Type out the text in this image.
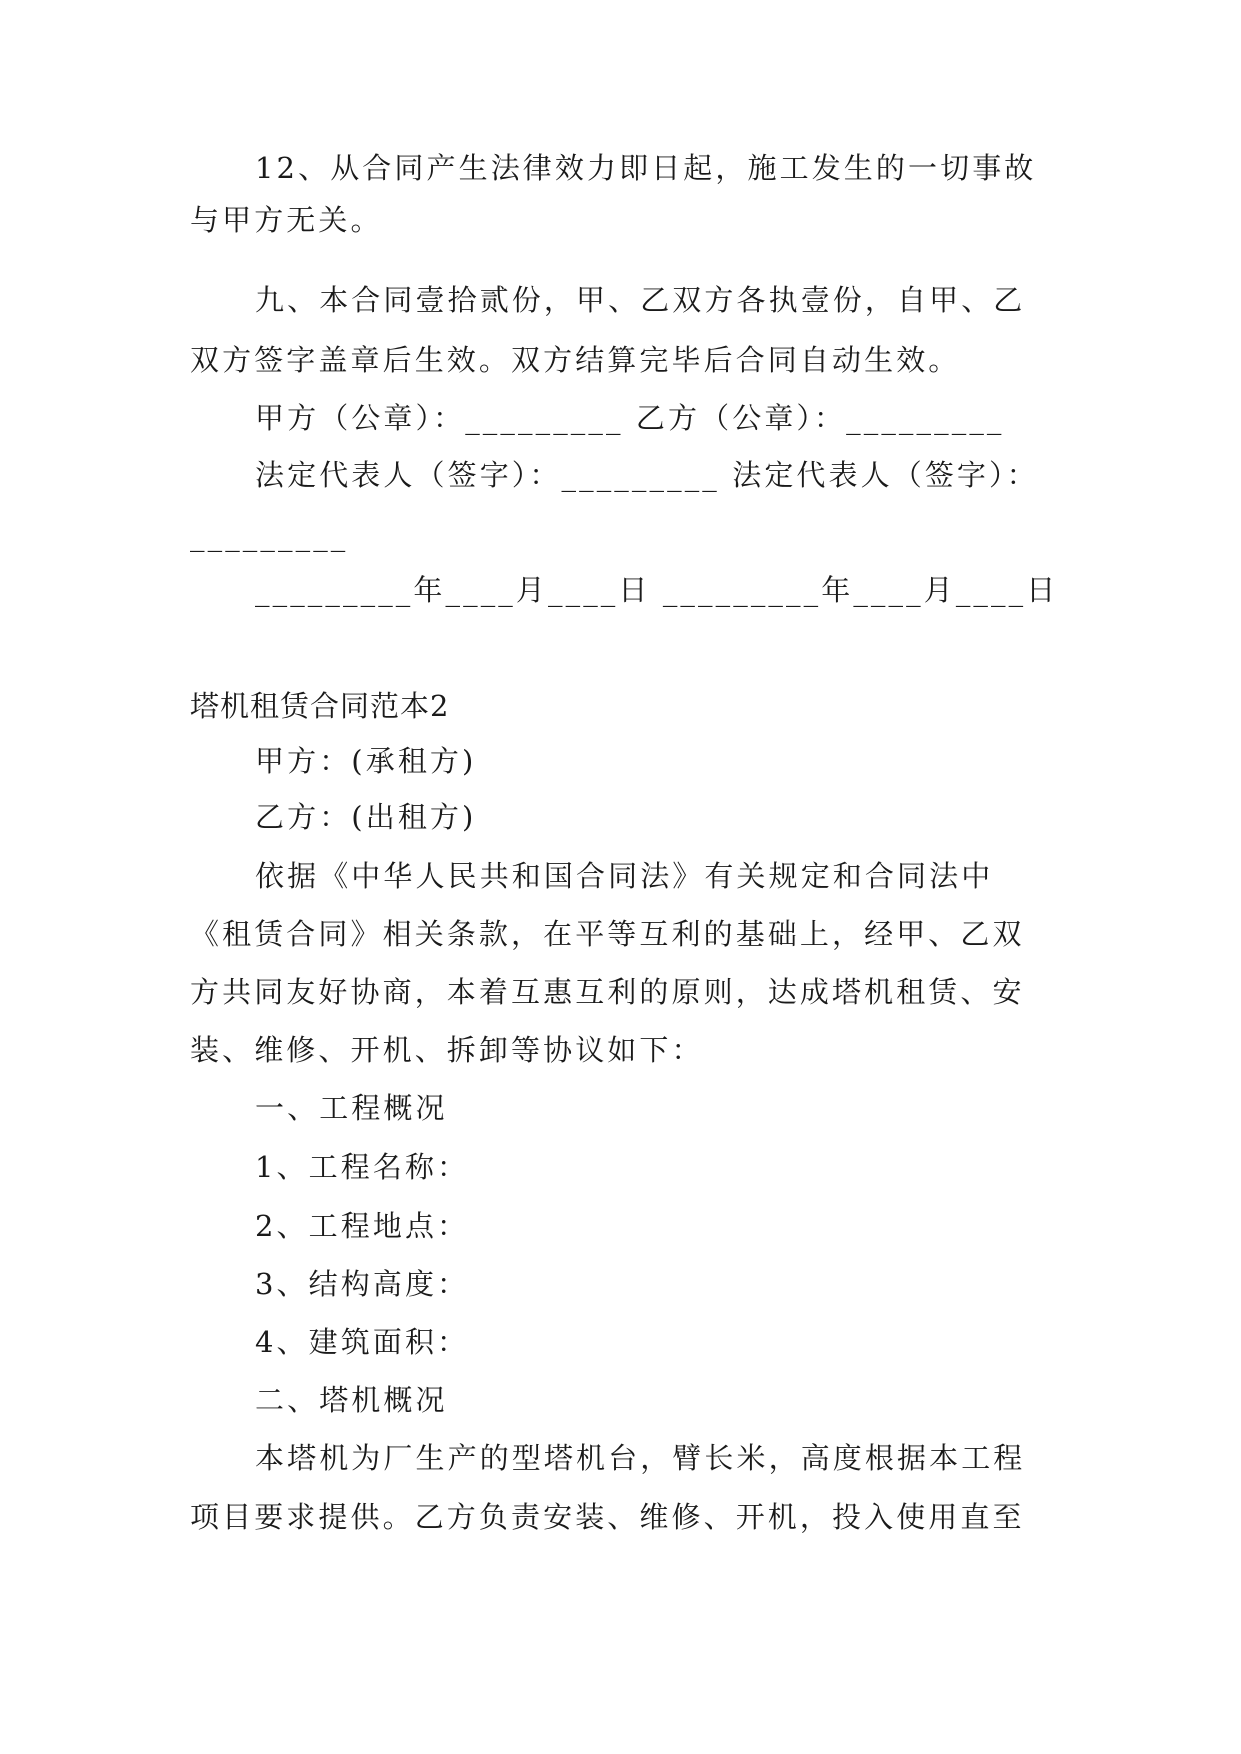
12、从合同产生法律效力即日起，施工发生的一切事故
与甲方无关。
九、本合同壹拾贰份，甲、乙双方各执壹份，自甲、乙
双方签字盖章后生效。双方结算完毕后合同自动生效。
甲方（公章）：_________ 乙方（公章）：_________
法定代表人（签字）：_________ 法定代表人（签字）：
_________
_________年____月____日 _________年____月____日
塔机租赁合同范本2
甲方：(承租方)
乙方：(出租方)
依据《中华人民共和国合同法》有关规定和合同法中
《租赁合同》相关条款，在平等互利的基础上，经甲、乙双
方共同友好协商，本着互惠互利的原则，达成塔机租赁、安
装、维修、开机、拆卸等协议如下：
一、工程概况
1、工程名称：
2、工程地点：
3、结构高度：
4、建筑面积：
二、塔机概况
本塔机为厂生产的型塔机台，臂长米，高度根据本工程
项目要求提供。乙方负责安装、维修、开机，投入使用直至
